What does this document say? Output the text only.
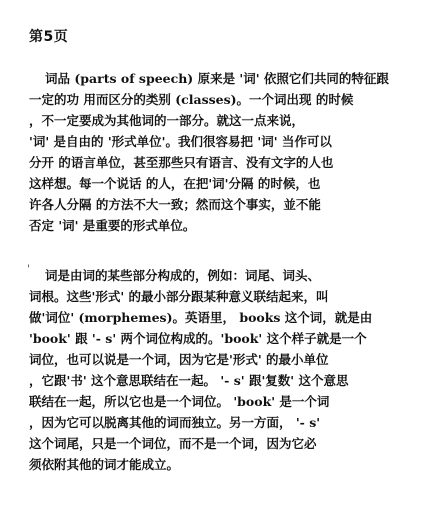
第5页
词品 (parts of speech) 原来是 '词' 依照它们共同的特征跟
一定的功 用而区分的类别 (classes)。一个词出现 的时候
，不一定要成为其他词的一部分。就这一点来说，
'词' 是自由的 '形式单位'。我们很容易把 '词' 当作可以
分开 的语言单位，甚至那些只有语言、没有文字的人也
这样想。每一个说话 的人，在把'词'分隔 的时候，也
许各人分隔 的方法不大一致；然而这个事实，並不能
否定 '词' 是重要的形式单位。
'	词是由词的某些部分构成的，例如：词尾、词头、
词根。这些'形式' 的最小部分跟某种意义联结起来，叫
做'词位' (morphemes)。英语里， books 这个词，就是由
'book' 跟 '- s' 两个词位构成的。'book' 这个样子就是一个
词位，也可以说是一个词，因为它是'形式' 的最小单位
，它跟'书' 这个意思联结在一起。 '- s' 跟'复数' 这个意思
联结在一起，所以它也是一个词位。 'book' 是一个词
，因为它可以脱离其他的词而独立。另一方面， '- s'
这个词尾，只是一个词位，而不是一个词，因为它必
须依附其他的词才能成立。
